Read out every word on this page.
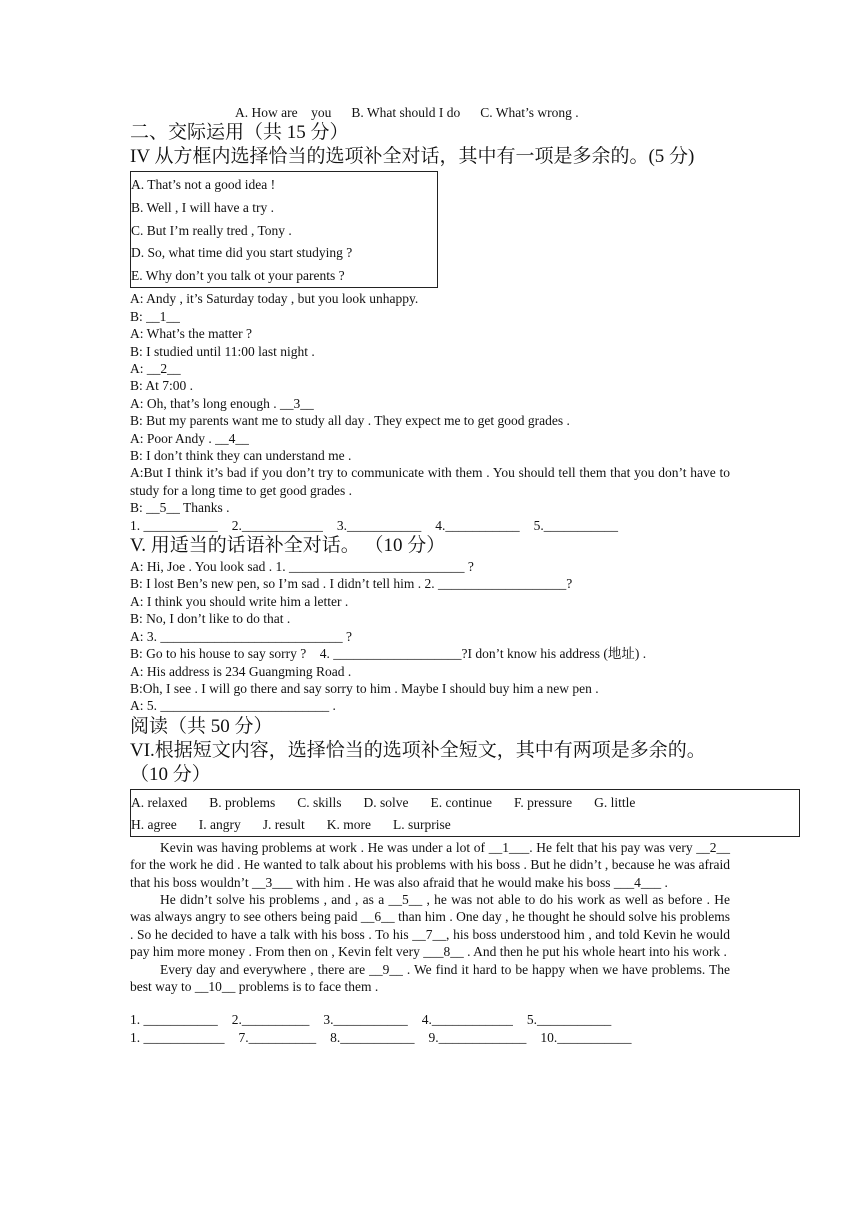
A. How are    you B. What should I do C. What’s wrong .
二、交际运用（共 15 分）
IV 从方框内选择恰当的选项补全对话，其中有一项是多余的。(5 分)
A. That’s not a good idea !
B. Well , I will have a try .
C. But I’m really tred , Tony .
D. So, what time did you start studying ?
E. Why don’t you talk ot your parents ?
A: Andy , it’s Saturday today , but you look unhappy.
B: __1__
A: What’s the matter ?
B: I studied until 11:00 last night .
A: __2__
B: At 7:00 .
A: Oh, that’s long enough . __3__
B: But my parents want me to study all day . They expect me to get good grades .
A: Poor Andy . __4__
B: I don’t think they can understand me .
A:But I think it’s bad if you don’t try to communicate with them . You should tell them that you don’t have to study for a long time to get good grades .
B: __5__ Thanks .
1. ___________ 2.____________ 3.___________ 4.___________ 5.___________
V. 用适当的话语补全对话。 （10 分）
A: Hi, Joe . You look sad . 1. __________________________ ?
B: I lost Ben’s new pen, so I’m sad . I didn’t tell him . 2. ___________________?
A: I think you should write him a letter .
B: No, I don’t like to do that .
A: 3. ___________________________ ?
B: Go to his house to say sorry ?    4. ___________________?I don’t know his address (地址) .
A: His address is 234 Guangming Road .
B:Oh, I see . I will go there and say sorry to him . Maybe I should buy him a new pen .
A: 5. _________________________ .
阅读（共 50 分）
VI.根据短文内容，选择恰当的选项补全短文，其中有两项是多余的。（10 分）
A. relaxed B. problems C. skills D. solve E. continue F. pressure G. little
H. agree I. angry J. result K. more L. surprise
Kevin was having problems at work . He was under a lot of __1___. He felt that his pay was very __2__ for the work he did . He wanted to talk about his problems with his boss . But he didn’t , because he was afraid that his boss wouldn’t __3___ with him . He was also afraid that he would make his boss ___4___ .
He didn’t solve his problems , and , as a __5__ , he was not able to do his work as well as before . He was always angry to see others being paid __6__ than him . One day , he thought he should solve his problems . So he decided to have a talk with his boss . To his __7__, his boss understood him , and told Kevin he would pay him more money . From then on , Kevin felt very ___8__ . And then he put his whole heart into his work .
Every day and everywhere , there are __9__ . We find it hard to be happy when we have problems. The best way to __10__ problems is to face them .
1. ___________ 2.__________ 3.___________ 4.____________ 5.___________
1. ____________ 7.__________ 8.___________ 9._____________ 10.___________
